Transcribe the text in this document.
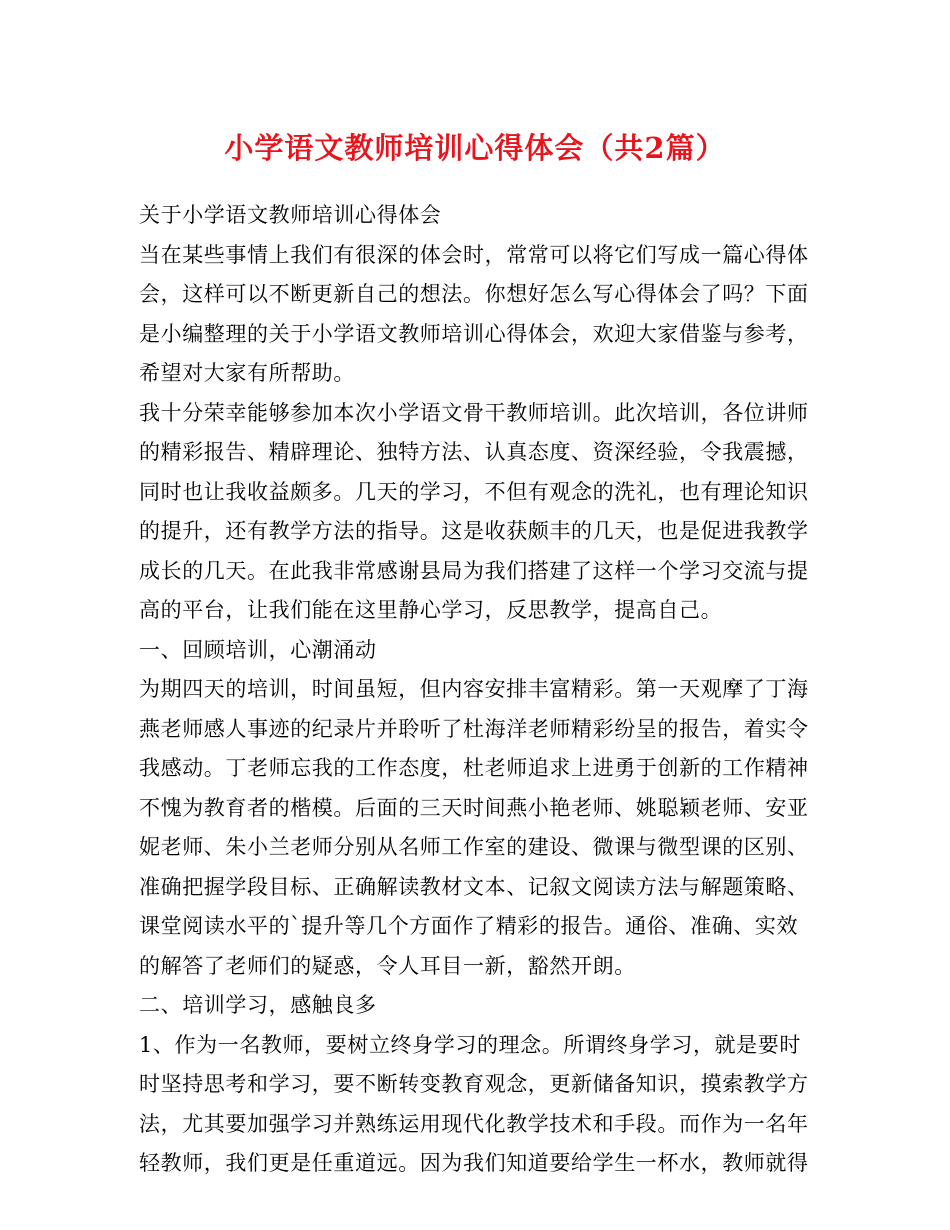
小学语文教师培训心得体会（共2篇）
关于小学语文教师培训心得体会
当在某些事情上我们有很深的体会时，常常可以将它们写成一篇心得体
会，这样可以不断更新自己的想法。你想好怎么写心得体会了吗？下面
是小编整理的关于小学语文教师培训心得体会，欢迎大家借鉴与参考，
希望对大家有所帮助。
我十分荣幸能够参加本次小学语文骨干教师培训。此次培训，各位讲师
的精彩报告、精辟理论、独特方法、认真态度、资深经验，令我震撼，
同时也让我收益颇多。几天的学习，不但有观念的洗礼，也有理论知识
的提升，还有教学方法的指导。这是收获颇丰的几天，也是促进我教学
成长的几天。在此我非常感谢县局为我们搭建了这样一个学习交流与提
高的平台，让我们能在这里静心学习，反思教学，提高自己。
一、回顾培训，心潮涌动
为期四天的培训，时间虽短，但内容安排丰富精彩。第一天观摩了丁海
燕老师感人事迹的纪录片并聆听了杜海洋老师精彩纷呈的报告，着实令
我感动。丁老师忘我的工作态度，杜老师追求上进勇于创新的工作精神
不愧为教育者的楷模。后面的三天时间燕小艳老师、姚聪颖老师、安亚
妮老师、朱小兰老师分别从名师工作室的建设、微课与微型课的区别、
准确把握学段目标、正确解读教材文本、记叙文阅读方法与解题策略、
课堂阅读水平的`提升等几个方面作了精彩的报告。通俗、准确、实效
的解答了老师们的疑惑，令人耳目一新，豁然开朗。
二、培训学习，感触良多
1、作为一名教师，要树立终身学习的理念。所谓终身学习，就是要时
时坚持思考和学习，要不断转变教育观念，更新储备知识，摸索教学方
法，尤其要加强学习并熟练运用现代化教学技术和手段。而作为一名年
轻教师，我们更是任重道远。因为我们知道要给学生一杯水，教师就得
